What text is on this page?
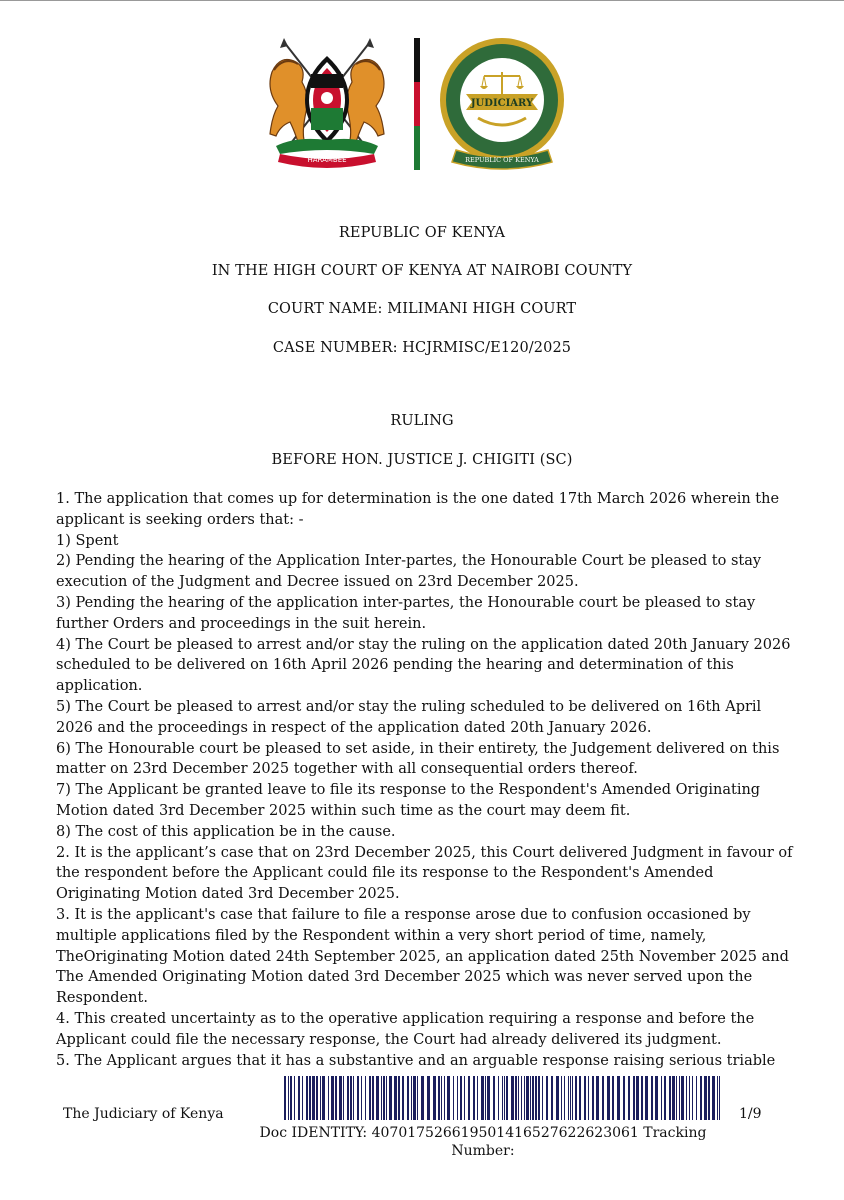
HARAMBEE
JUDICIARY
REPUBLIC OF KENYA
REPUBLIC OF KENYA
IN THE HIGH COURT OF KENYA AT NAIROBI COUNTY
COURT NAME: MILIMANI HIGH COURT
CASE NUMBER: HCJRMISC/E120/2025
RULING
BEFORE HON. JUSTICE J. CHIGITI (SC)

1. The application that comes up for determination is the one dated 17th March 2026 wherein the applicant is seeking orders that: -

1) Spent

2) Pending the hearing of the Application Inter-partes, the Honourable Court be pleased to stay execution of the Judgment and Decree issued on 23rd December 2025.

3) Pending the hearing of the application inter-partes, the Honourable court be pleased to stay further Orders and proceedings in the suit herein.

4) The Court be pleased to arrest and/or stay the ruling on the application dated 20th January 2026 scheduled to be delivered on 16th April 2026 pending the hearing and determination of this application.

5) The Court be pleased to arrest and/or stay the ruling scheduled to be delivered on 16th April 2026 and the proceedings in respect of the application dated 20th January 2026.

6) The Honourable court be pleased to set aside, in their entirety, the Judgement delivered on this matter on 23rd December 2025 together with all consequential orders thereof.

7) The Applicant be granted leave to file its response to the Respondent's Amended Originating Motion dated 3rd December 2025 within such time as the court may deem fit.

8) The cost of this application be in the cause.

2. It is the applicant’s case that on 23rd December 2025, this Court delivered Judgment in favour of the respondent before the Applicant could file its response to the Respondent's Amended Originating Motion dated 3rd December 2025.

3. It is the applicant's case that failure to file a response arose due to confusion occasioned by multiple applications filed by the Respondent within a very short period of time, namely, TheOriginating Motion dated 24th September 2025, an application dated 25th November 2025 and The Amended Originating Motion dated 3rd December 2025 which was never served upon the Respondent.

4. This created uncertainty as to the operative application requiring a response and before the Applicant could file the necessary response, the Court had already delivered its judgment.

5. The Applicant argues that it has a substantive and an arguable response raising serious triable

The Judiciary of Kenya	1/9
Doc IDENTITY: 407017526619501416527622623061 Tracking Number:
